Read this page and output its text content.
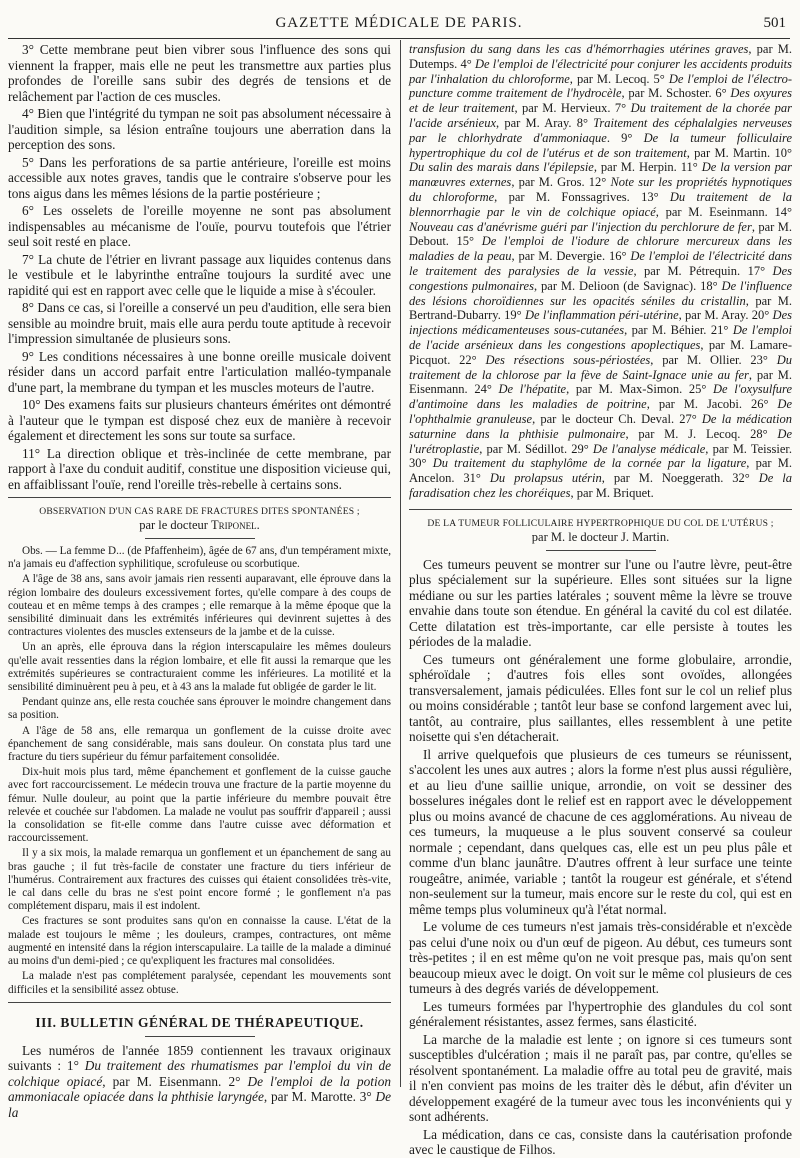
GAZETTE MÉDICALE DE PARIS.	501

3° Cette membrane peut bien vibrer sous l'influence des sons qui viennent la frapper, mais elle ne peut les transmettre aux parties plus profondes de l'oreille sans subir des degrés de tensions et de relâchement par l'action de ces muscles.

4° Bien que l'intégrité du tympan ne soit pas absolument nécessaire à l'audition simple, sa lésion entraîne toujours une aberration dans la perception des sons.

5° Dans les perforations de sa partie antérieure, l'oreille est moins accessible aux notes graves, tandis que le contraire s'observe pour les tons aigus dans les mêmes lésions de la partie postérieure ;

6° Les osselets de l'oreille moyenne ne sont pas absolument indispensables au mécanisme de l'ouïe, pourvu toutefois que l'étrier seul soit resté en place.

7° La chute de l'étrier en livrant passage aux liquides contenus dans le vestibule et le labyrinthe entraîne toujours la surdité avec une rapidité qui est en rapport avec celle que le liquide a mise à s'écouler.

8° Dans ce cas, si l'oreille a conservé un peu d'audition, elle sera bien sensible au moindre bruit, mais elle aura perdu toute aptitude à recevoir l'impression simultanée de plusieurs sons.

9° Les conditions nécessaires à une bonne oreille musicale doivent résider dans un accord parfait entre l'articulation malléo-tympanale d'une part, la membrane du tympan et les muscles moteurs de l'autre.

10° Des examens faits sur plusieurs chanteurs émérites ont démontré à l'auteur que le tympan est disposé chez eux de manière à recevoir également et directement les sons sur toute sa surface.

11° La direction oblique et très-inclinée de cette membrane, par rapport à l'axe du conduit auditif, constitue une disposition vicieuse qui, en affaiblissant l'ouïe, rend l'oreille très-rebelle à certains sons.

OBSERVATION D'UN CAS RARE DE FRACTURES DITES SPONTANÉES ;
par le docteur Triponel.

Obs. — La femme D... (de Pfaffenheim), âgée de 67 ans, d'un tempérament mixte, n'a jamais eu d'affection syphilitique, scrofuleuse ou scorbutique.

A l'âge de 38 ans, sans avoir jamais rien ressenti auparavant, elle éprouve dans la région lombaire des douleurs excessivement fortes, qu'elle compare à des coups de couteau et en même temps à des crampes ; elle remarque à la même époque que la sensibilité diminuait dans les extrémités inférieures qui devinrent sujettes à des contractures violentes des muscles extenseurs de la jambe et de la cuisse.

Un an après, elle éprouva dans la région interscapulaire les mêmes douleurs qu'elle avait ressenties dans la région lombaire, et elle fit aussi la remarque que les extrémités supérieures se contracturaient comme les inférieures. La motilité et la sensibilité diminuèrent peu à peu, et à 43 ans la malade fut obligée de garder le lit.

Pendant quinze ans, elle resta couchée sans éprouver le moindre changement dans sa position.

A l'âge de 58 ans, elle remarqua un gonflement de la cuisse droite avec épanchement de sang considérable, mais sans douleur. On constata plus tard une fracture du tiers supérieur du fémur parfaitement consolidée.

Dix-huit mois plus tard, même épanchement et gonflement de la cuisse gauche avec fort raccourcissement. Le médecin trouva une fracture de la partie moyenne du fémur. Nulle douleur, au point que la partie inférieure du membre pouvait être relevée et couchée sur l'abdomen. La malade ne voulut pas souffrir d'appareil ; aussi la consolidation se fit-elle comme dans l'autre cuisse avec déformation et raccourcissement.

Il y a six mois, la malade remarqua un gonflement et un épanchement de sang au bras gauche ; il fut très-facile de constater une fracture du tiers inférieur de l'humérus. Contrairement aux fractures des cuisses qui étaient consolidées très-vite, le cal dans celle du bras ne s'est point encore formé ; le gonflement n'a pas complétement disparu, mais il est indolent.

Ces fractures se sont produites sans qu'on en connaisse la cause. L'état de la malade est toujours le même ; les douleurs, crampes, contractures, ont même augmenté en intensité dans la région interscapulaire. La taille de la malade a diminué au moins d'un demi-pied ; ce qu'expliquent les fractures mal consolidées.

La malade n'est pas complétement paralysée, cependant les mouvements sont difficiles et la sensibilité assez obtuse.

III. BULLETIN GÉNÉRAL DE THÉRAPEUTIQUE.

Les numéros de l'année 1859 contiennent les travaux originaux suivants : 1° Du traitement des rhumatismes par l'emploi du vin de colchique opiacé, par M. Eisenmann. 2° De l'emploi de la potion ammoniacale opiacée dans la phthisie laryngée, par M. Marotte. 3° De la

transfusion du sang dans les cas d'hémorrhagies utérines graves, par M. Dutemps. 4° De l'emploi de l'électricité pour conjurer les accidents produits par l'inhalation du chloroforme, par M. Lecoq. 5° De l'emploi de l'électro-puncture comme traitement de l'hydrocèle, par M. Schoster. 6° Des oxyures et de leur traitement, par M. Hervieux. 7° Du traitement de la chorée par l'acide arsénieux, par M. Aray. 8° Traitement des céphalalgies nerveuses par le chlorhydrate d'ammoniaque. 9° De la tumeur folliculaire hypertrophique du col de l'utérus et de son traitement, par M. Martin. 10° Du salin des marais dans l'épilepsie, par M. Herpin. 11° De la version par manœuvres externes, par M. Gros. 12° Note sur les propriétés hypnotiques du chloroforme, par M. Fonssagrives. 13° Du traitement de la blennorrhagie par le vin de colchique opiacé, par M. Eseinmann. 14° Nouveau cas d'anévrisme guéri par l'injection du perchlorure de fer, par M. Debout. 15° De l'emploi de l'iodure de chlorure mercureux dans les maladies de la peau, par M. Devergie. 16° De l'emploi de l'électricité dans le traitement des paralysies de la vessie, par M. Pétrequin. 17° Des congestions pulmonaires, par M. Delioon (de Savignac). 18° De l'influence des lésions choroïdiennes sur les opacités séniles du cristallin, par M. Bertrand-Dubarry. 19° De l'inflammation péri-utérine, par M. Aray. 20° Des injections médicamenteuses sous-cutanées, par M. Béhier. 21° De l'emploi de l'acide arsénieux dans les congestions apoplectiques, par M. Lamare-Picquot. 22° Des résections sous-périostées, par M. Ollier. 23° Du traitement de la chlorose par la fève de Saint-Ignace unie au fer, par M. Eisenmann. 24° De l'hépatite, par M. Max-Simon. 25° De l'oxysulfure d'antimoine dans les maladies de poitrine, par M. Jacobi. 26° De l'ophthalmie granuleuse, par le docteur Ch. Deval. 27° De la médication saturnine dans la phthisie pulmonaire, par M. J. Lecoq. 28° De l'urétroplastie, par M. Sédillot. 29° De l'analyse médicale, par M. Teissier. 30° Du traitement du staphylôme de la cornée par la ligature, par M. Ancelon. 31° Du prolapsus utérin, par M. Noeggerath. 32° De la faradisation chez les choréiques, par M. Briquet.

DE LA TUMEUR FOLLICULAIRE HYPERTROPHIQUE DU COL DE L'UTÉRUS ;
par M. le docteur J. Martin.

Ces tumeurs peuvent se montrer sur l'une ou l'autre lèvre, peut-être plus spécialement sur la supérieure. Elles sont situées sur la ligne médiane ou sur les parties latérales ; souvent même la lèvre se trouve envahie dans toute son étendue. En général la cavité du col est dilatée. Cette dilatation est très-importante, car elle persiste à toutes les périodes de la maladie.

Ces tumeurs ont généralement une forme globulaire, arrondie, sphéroïdale ; d'autres fois elles sont ovoïdes, allongées transversalement, jamais pédiculées. Elles font sur le col un relief plus ou moins considérable ; tantôt leur base se confond largement avec lui, tantôt, au contraire, plus saillantes, elles ressemblent à une petite noisette qui s'en détacherait.

Il arrive quelquefois que plusieurs de ces tumeurs se réunissent, s'accolent les unes aux autres ; alors la forme n'est plus aussi régulière, et au lieu d'une saillie unique, arrondie, on voit se dessiner des bosselures inégales dont le relief est en rapport avec le développement plus ou moins avancé de chacune de ces agglomérations. Au niveau de ces tumeurs, la muqueuse a le plus souvent conservé sa couleur normale ; cependant, dans quelques cas, elle est un peu plus pâle et comme d'un blanc jaunâtre. D'autres offrent à leur surface une teinte rougeâtre, animée, variable ; tantôt la rougeur est générale, et s'étend non-seulement sur la tumeur, mais encore sur le reste du col, qui est en même temps plus volumineux qu'à l'état normal.

Le volume de ces tumeurs n'est jamais très-considérable et n'excède pas celui d'une noix ou d'un œuf de pigeon. Au début, ces tumeurs sont très-petites ; il en est même qu'on ne voit presque pas, mais qu'on sent beaucoup mieux avec le doigt. On voit sur le même col plusieurs de ces tumeurs à des degrés variés de développement.

Les tumeurs formées par l'hypertrophie des glandules du col sont généralement résistantes, assez fermes, sans élasticité.

La marche de la maladie est lente ; on ignore si ces tumeurs sont susceptibles d'ulcération ; mais il ne paraît pas, par contre, qu'elles se résolvent spontanément. La maladie offre au total peu de gravité, mais il n'en convient pas moins de les traiter dès le début, afin d'éviter un développement exagéré de la tumeur avec tous les inconvénients qui y sont adhérents.

La médication, dans ce cas, consiste dans la cautérisation profonde avec le caustique de Filhos.
